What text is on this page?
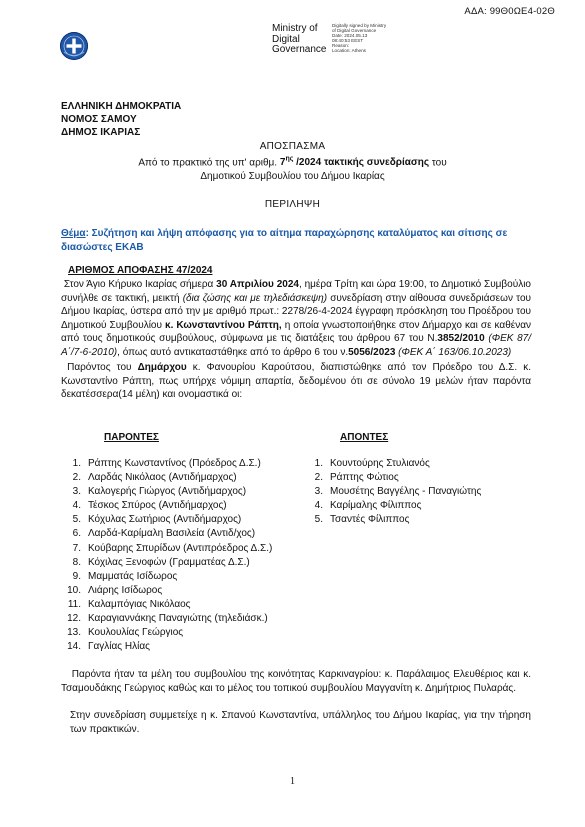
ΑΔΑ: 99Θ0ΩΕ4-02Θ
Ministry of
Digital
Governance
Digitally signed by Ministry
of Digital Governance
Date: 2024.05.13
08:40:53 EEST
Reason:
Location: Athens
ΕΛΛΗΝΙΚΗ ΔΗΜΟΚΡΑΤΙΑ
ΝΟΜΟΣ ΣΑΜΟΥ
ΔΗΜΟΣ ΙΚΑΡΙΑΣ
ΑΠΟΣΠΑΣΜΑ
Από το πρακτικό της υπ' αριθμ. $7^{\eta\varsigma}$ /2024 τακτικής συνεδρίασης του
Δημοτικού Συμβουλίου του Δήμου Ικαρίας
ΠΕΡΙΛΗΨΗ
Θέμα: Συζήτηση και λήψη απόφασης για το αίτημα παραχώρησης καταλύματος και σίτισης σε διασώστες ΕΚΑΒ
ΑΡΙΘΜΟΣ ΑΠΟΦΑΣΗΣ 47/2024
Στον Άγιο Κήρυκο Ικαρίας σήμερα 30 Απριλίου 2024, ημέρα Τρίτη και ώρα 19:00, το Δημοτικό Συμβούλιο συνήλθε σε τακτική, μεικτή (δια ζώσης και με τηλεδιάσκεψη) συνεδρίαση στην αίθουσα συνεδριάσεων του Δήμου Ικαρίας, ύστερα από την με αριθμό πρωτ.: 2278/26-4-2024 έγγραφη πρόσκληση του Προέδρου του Δημοτικού Συμβουλίου κ. Κωνσταντίνου Ράπτη, η οποία γνωστοποιήθηκε στον Δήμαρχο και σε καθέναν από τους δημοτικούς συμβούλους, σύμφωνα με τις διατάξεις του άρθρου 67 του Ν.3852/2010 (ΦΕΚ 87/Α΄/7-6-2010), όπως αυτό αντικαταστάθηκε από το άρθρο 6 του ν.5056/2023 (ΦΕΚ Α΄ 163/06.10.2023)
Παρόντος του Δημάρχου κ. Φανουρίου Καρούτσου, διαπιστώθηκε από τον Πρόεδρο του Δ.Σ. κ. Κωνσταντίνο Ράπτη, πως υπήρχε νόμιμη απαρτία, δεδομένου ότι σε σύνολο 19 μελών ήταν παρόντα δεκατέσσερα(14 μέλη) και ονομαστικά οι:
ΠΑΡΟΝΤΕΣ	ΑΠΟΝΤΕΣ
1. Ράπτης Κωνσταντίνος (Πρόεδρος Δ.Σ.)
2. Λαρδάς Νικόλαος (Αντιδήμαρχος)
3. Καλογερής Γιώργος (Αντιδήμαρχος)
4. Τέσκος Σπύρος (Αντιδήμαρχος)
5. Κόχυλας Σωτήριος (Αντιδήμαρχος)
6. Λαρδά-Καρίμαλη Βασιλεία (Αντιδ/χος)
7. Κούβαρης Σπυρίδων (Αντιπρόεδρος Δ.Σ.)
8. Κόχιλας Ξενοφών (Γραμματέας Δ.Σ.)
9. Μαμματάς Ισίδωρος
10. Λιάρης Ισίδωρος
11. Καλαμπόγιας Νικόλαος
12. Καραγιαννάκης Παναγιώτης (τηλεδιάσκ.)
13. Κουλουλίας Γεώργιος
14. Γαγλίας Ηλίας
1. Κουντούρης Στυλιανός
2. Ράπτης Φώτιος
3. Μουσέτης Βαγγέλης - Παναγιώτης
4. Καρίμαλης Φίλιππος
5. Τσαντές Φίλιππος
Παρόντα ήταν τα μέλη του συμβουλίου της κοινότητας Καρκιναγρίου: κ. Παράλαιμος Ελευθέριος και κ. Τσαμουδάκης Γεώργιος καθώς και το μέλος του τοπικού συμβουλίου Μαγγανίτη κ. Δημήτριος Πυλαράς.
Στην συνεδρίαση συμμετείχε η κ. Σπανού Κωνσταντίνα, υπάλληλος του Δήμου Ικαρίας, για την τήρηση των πρακτικών.
1
